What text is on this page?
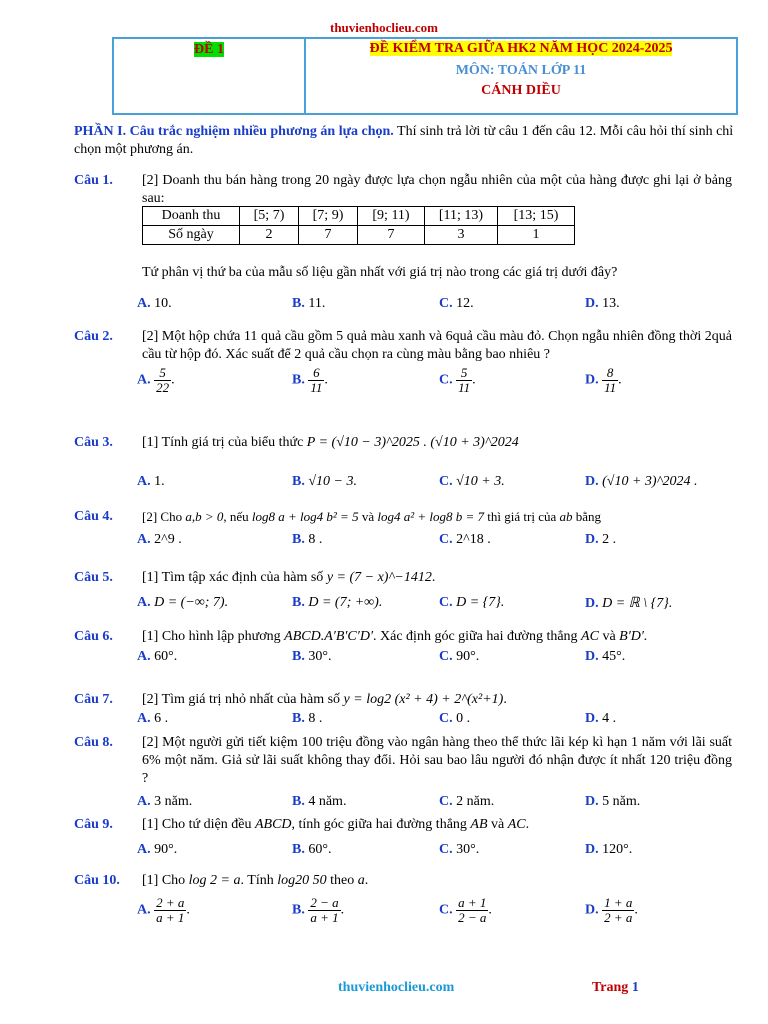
thuvienhoclieu.com
ĐỀ 1	ĐỀ KIỂM TRA GIỮA HK2 NĂM HỌC 2024-2025
MÔN: TOÁN LỚP 11
CÁNH DIỀU
PHẦN I. Câu trắc nghiệm nhiều phương án lựa chọn. Thí sinh trả lời từ câu 1 đến câu 12. Mỗi câu hỏi thí sinh chỉ chọn một phương án.
Câu 1.	[2] Doanh thu bán hàng trong 20 ngày được lựa chọn ngẫu nhiên của một của hàng được ghi lại ở bảng sau:
Doanh thu	[5; 7)	[7; 9)	[9; 11)	[11; 13)	[13; 15)
Số ngày	2	7	7	3	1
Tứ phân vị thứ ba của mẫu số liệu gần nhất với giá trị nào trong các giá trị dưới đây?
A. 10.	B. 11.	C. 12.	D. 13.
Câu 2.	[2] Một hộp chứa 11 quả cầu gồm 5 quả màu xanh và 6quả cầu màu đỏ. Chọn ngẫu nhiên đồng thời 2quả cầu từ hộp đó. Xác suất để 2 quả cầu chọn ra cùng màu bằng bao nhiêu ?
A. $\frac{5}{22}$ .	B. $\frac{6}{11}$ .	C. $\frac{5}{11}$ .	D. $\frac{8}{11}$ .
Câu 3.	[1] Tính giá trị của biểu thức P = (√10 − 3)^2025 . (√10 + 3)^2024
A. 1.	B. √10 − 3.	C. √10 + 3.	D. (√10 + 3)^2024 .
Câu 4.	[2] Cho a,b > 0, nếu log8 a + log4 b² = 5 và log4 a² + log8 b = 7 thì giá trị của ab bằng
A. 2^9 .	B. 8 .	C. 2^18 .	D. 2 .
Câu 5.	[1] Tìm tập xác định của hàm số y = (7 − x)^−1412.
A. D = (−∞; 7).	B. D = (7; +∞).	C. D = {7}.	D. D = ℝ \ {7}.
Câu 6.	[1] Cho hình lập phương ABCD.A′B′C′D′. Xác định góc giữa hai đường thẳng AC và B′D′.
A. 60°.	B. 30°.	C. 90°.	D. 45°.
Câu 7.	[2] Tìm giá trị nhỏ nhất của hàm số y = log2 (x² + 4) + 2^(x²+1).
A. 6 .	B. 8 .	C. 0 .	D. 4 .
Câu 8.	[2] Một người gửi tiết kiệm 100 triệu đồng vào ngân hàng theo thể thức lãi kép kì hạn 1 năm với lãi suất 6% một năm. Giả sử lãi suất không thay đổi. Hỏi sau bao lâu người đó nhận được ít nhất 120 triệu đồng ?
A. 3 năm.	B. 4 năm.	C. 2 năm.	D. 5 năm.
Câu 9.	[1] Cho tứ diện đều ABCD, tính góc giữa hai đường thẳng AB và AC.
A. 90°.	B. 60°.	C. 30°.	D. 120°.
Câu 10.	[1] Cho log 2 = a. Tính log20 50 theo a.
A. $\frac{2 + a}{a + 1}$ .	B. $\frac{2 - a}{a + 1}$ .	C. $\frac{a + 1}{2 - a}$ .	D. $\frac{1 + a}{2 + a}$ .
thuvienhoclieu.com	Trang 1
